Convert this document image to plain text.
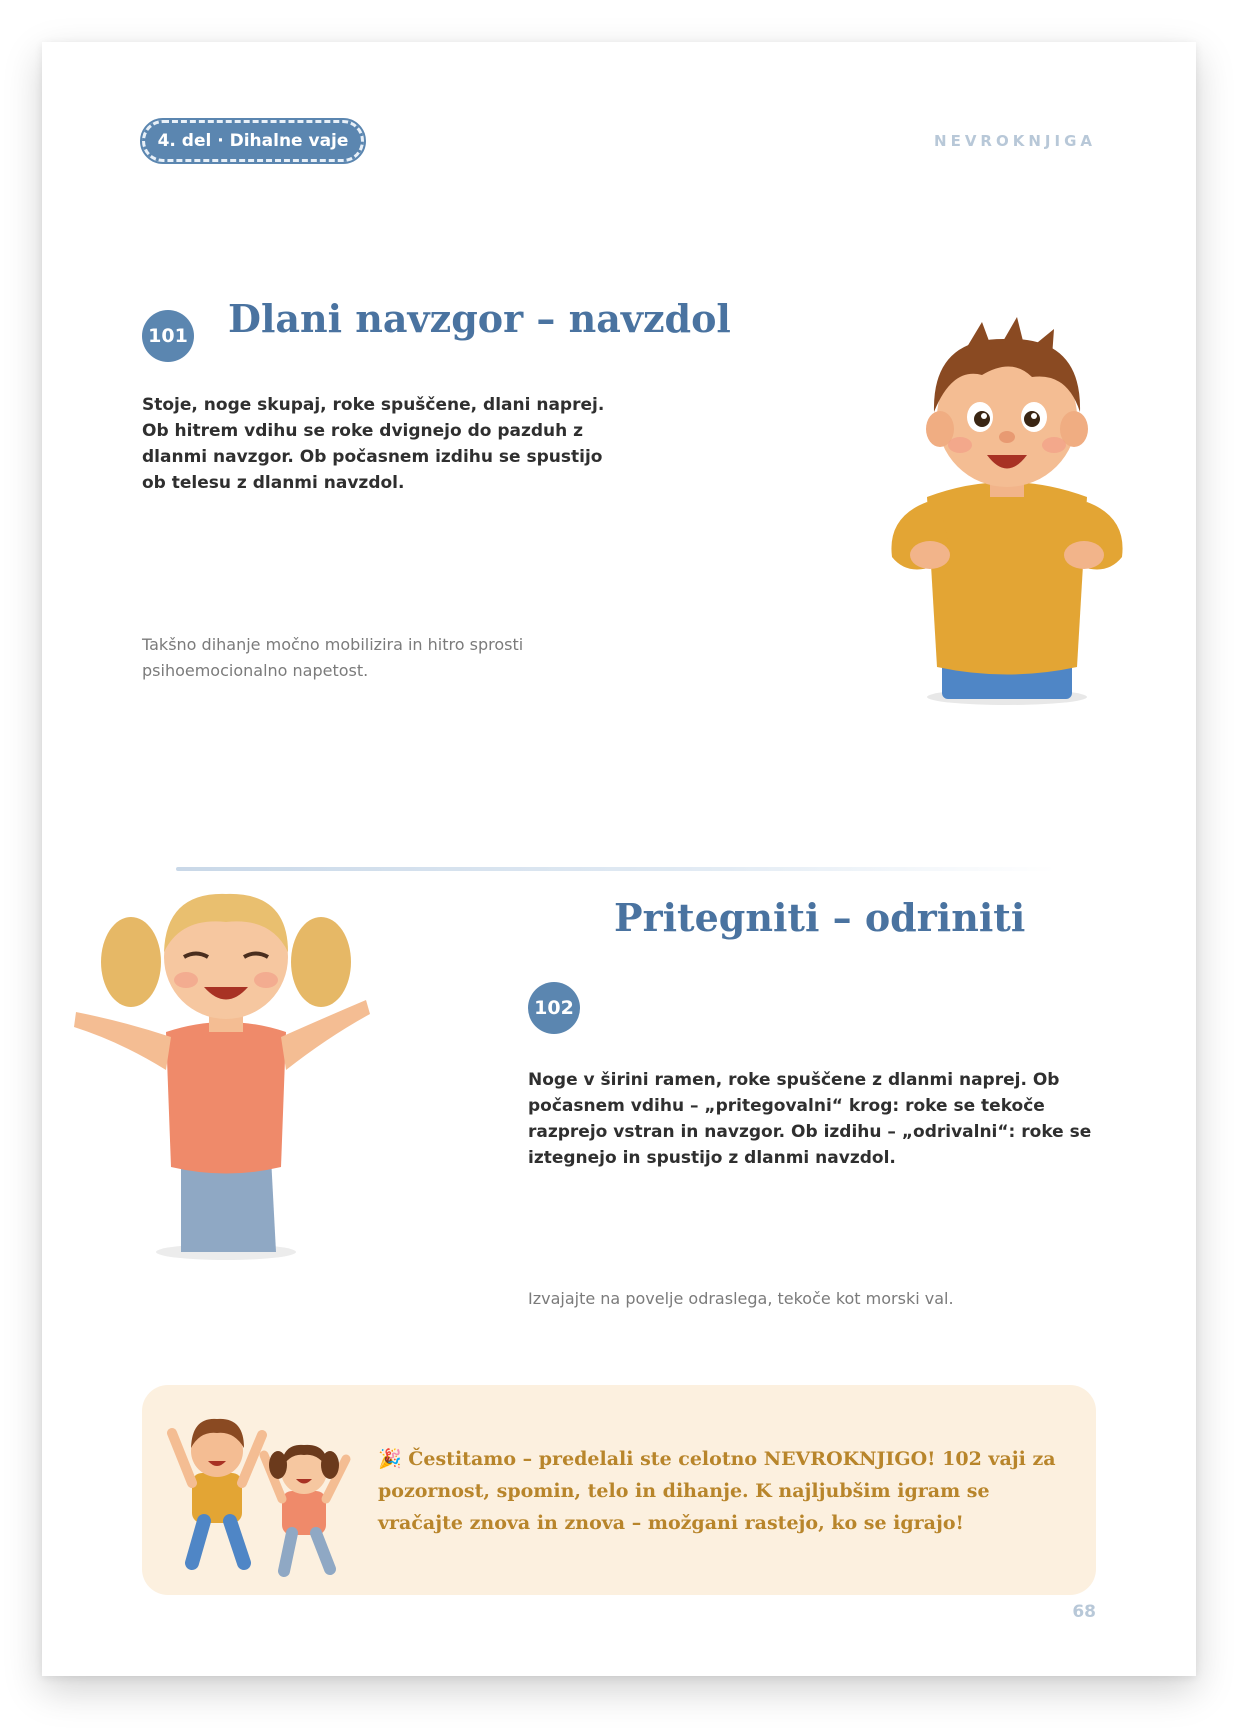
4. del · Dihalne vaje	NEVROKNJIGA
101 Dlani navzgor – navzdol
Stoje, noge skupaj, roke spuščene, dlani naprej. Ob hitrem vdihu se roke dvignejo do pazduh z dlanmi navzgor. Ob počasnem izdihu se spustijo ob telesu z dlanmi navzdol.
Takšno dihanje močno mobilizira in hitro sprosti psihoemocionalno napetost.
Pritegniti – odriniti
102
Noge v širini ramen, roke spuščene z dlanmi naprej. Ob počasnem vdihu – „pritegovalni“ krog: roke se tekoče razprejo vstran in navzgor. Ob izdihu – „odrivalni“: roke se iztegnejo in spustijo z dlanmi navzdol.
Izvajajte na povelje odraslega, tekoče kot morski val.
🎉 Čestitamo – predelali ste celotno NEVROKNJIGO! 102 vaji za pozornost, spomin, telo in dihanje. K najljubšim igram se vračajte znova in znova – možgani rastejo, ko se igrajo!
68
